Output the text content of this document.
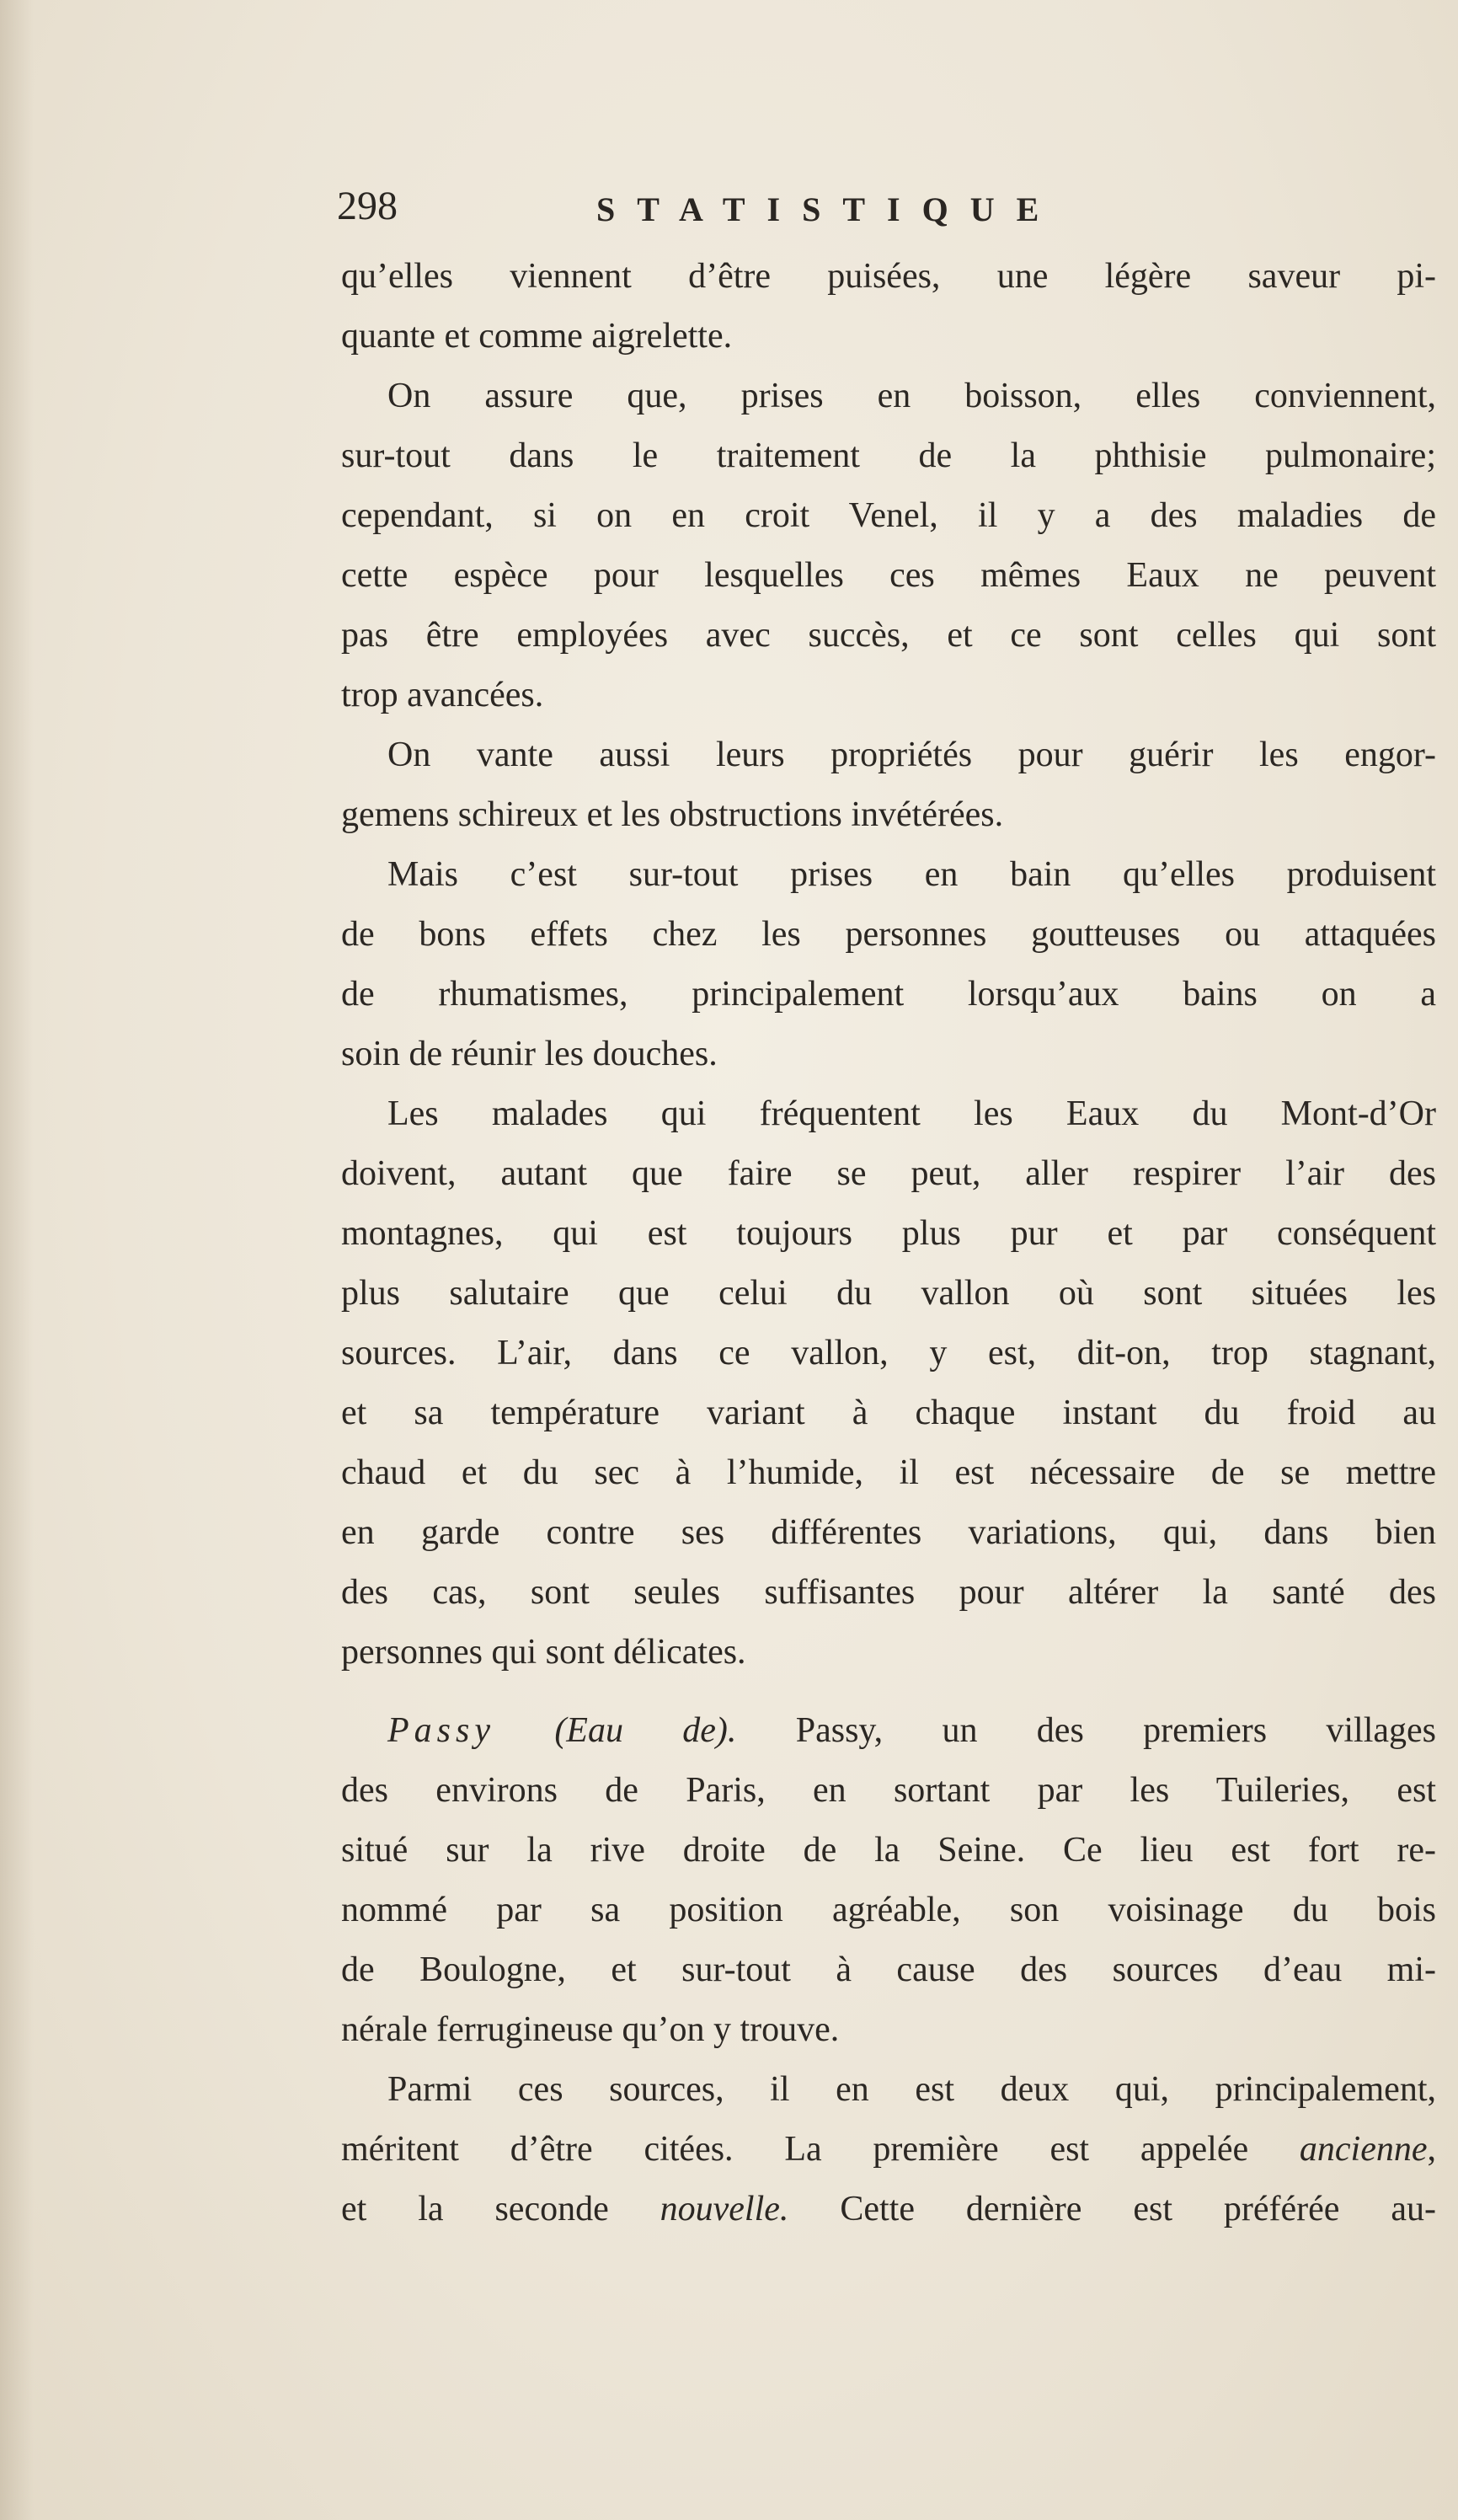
298	STATISTIQUE
qu’elles viennent d’être puisées, une légère saveur pi-
quante et comme aigrelette.
On assure que, prises en boisson, elles conviennent,
sur-tout dans le traitement de la phthisie pulmonaire;
cependant, si on en croit Venel, il y a des maladies de
cette espèce pour lesquelles ces mêmes Eaux ne peuvent
pas être employées avec succès, et ce sont celles qui sont
trop avancées.
On vante aussi leurs propriétés pour guérir les engor-
gemens schireux et les obstructions invétérées.
Mais c’est sur-tout prises en bain qu’elles produisent
de bons effets chez les personnes goutteuses ou attaquées
de rhumatismes, principalement lorsqu’aux bains on a
soin de réunir les douches.
Les malades qui fréquentent les Eaux du Mont-d’Or
doivent, autant que faire se peut, aller respirer l’air des
montagnes, qui est toujours plus pur et par conséquent
plus salutaire que celui du vallon où sont situées les
sources. L’air, dans ce vallon, y est, dit-on, trop stagnant,
et sa température variant à chaque instant du froid au
chaud et du sec à l’humide, il est nécessaire de se mettre
en garde contre ses différentes variations, qui, dans bien
des cas, sont seules suffisantes pour altérer la santé des
personnes qui sont délicates.
Passy (Eau de). Passy, un des premiers villages
des environs de Paris, en sortant par les Tuileries, est
situé sur la rive droite de la Seine. Ce lieu est fort re-
nommé par sa position agréable, son voisinage du bois
de Boulogne, et sur-tout à cause des sources d’eau mi-
nérale ferrugineuse qu’on y trouve.
Parmi ces sources, il en est deux qui, principalement,
méritent d’être citées. La première est appelée ancienne,
et la seconde nouvelle. Cette dernière est préférée au-
